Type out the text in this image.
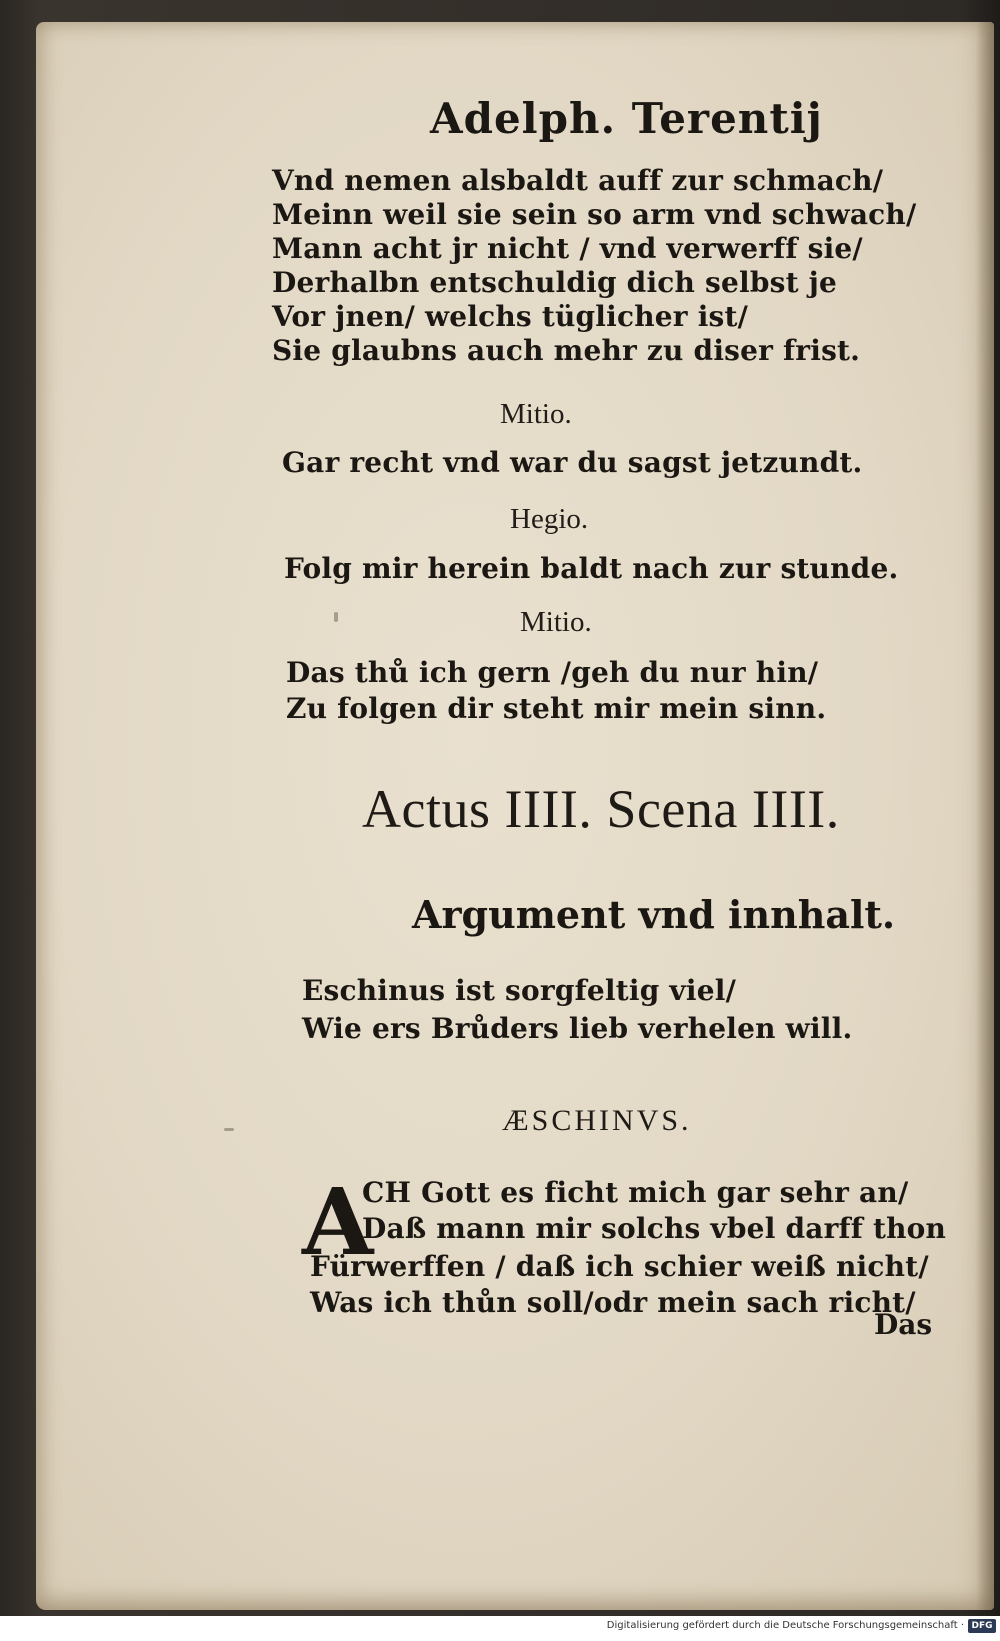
Adelph. Terentij
Vnd nemen alsbaldt auff zur schmach/
Meinn weil sie sein so arm vnd schwach/
Mann acht jr nicht / vnd verwerff sie/
Derhalbn entschuldig dich selbst je
Vor jnen/ welchs tüglicher ist/
Sie glaubns auch mehr zu diser frist.
Mitio.
Gar recht vnd war du sagst jetzundt.
Hegio.
Folg mir herein baldt nach zur stunde.
Mitio.
Das thů ich gern /geh du nur hin/
Zu folgen dir steht mir mein sinn.
Actus IIII. Scena IIII.
Argument vnd innhalt.
Eschinus ist sorgfeltig viel/
Wie ers Brůders lieb verhelen will.
ÆSCHINVS.
A
CH Gott es ficht mich gar sehr an/
Daß mann mir solchs vbel darff thon
Fürwerffen / daß ich schier weiß nicht/
Was ich thůn soll/odr mein sach richt/
Das
Digitalisierung gefördert durch die Deutsche Forschungsgemeinschaft · DFG
